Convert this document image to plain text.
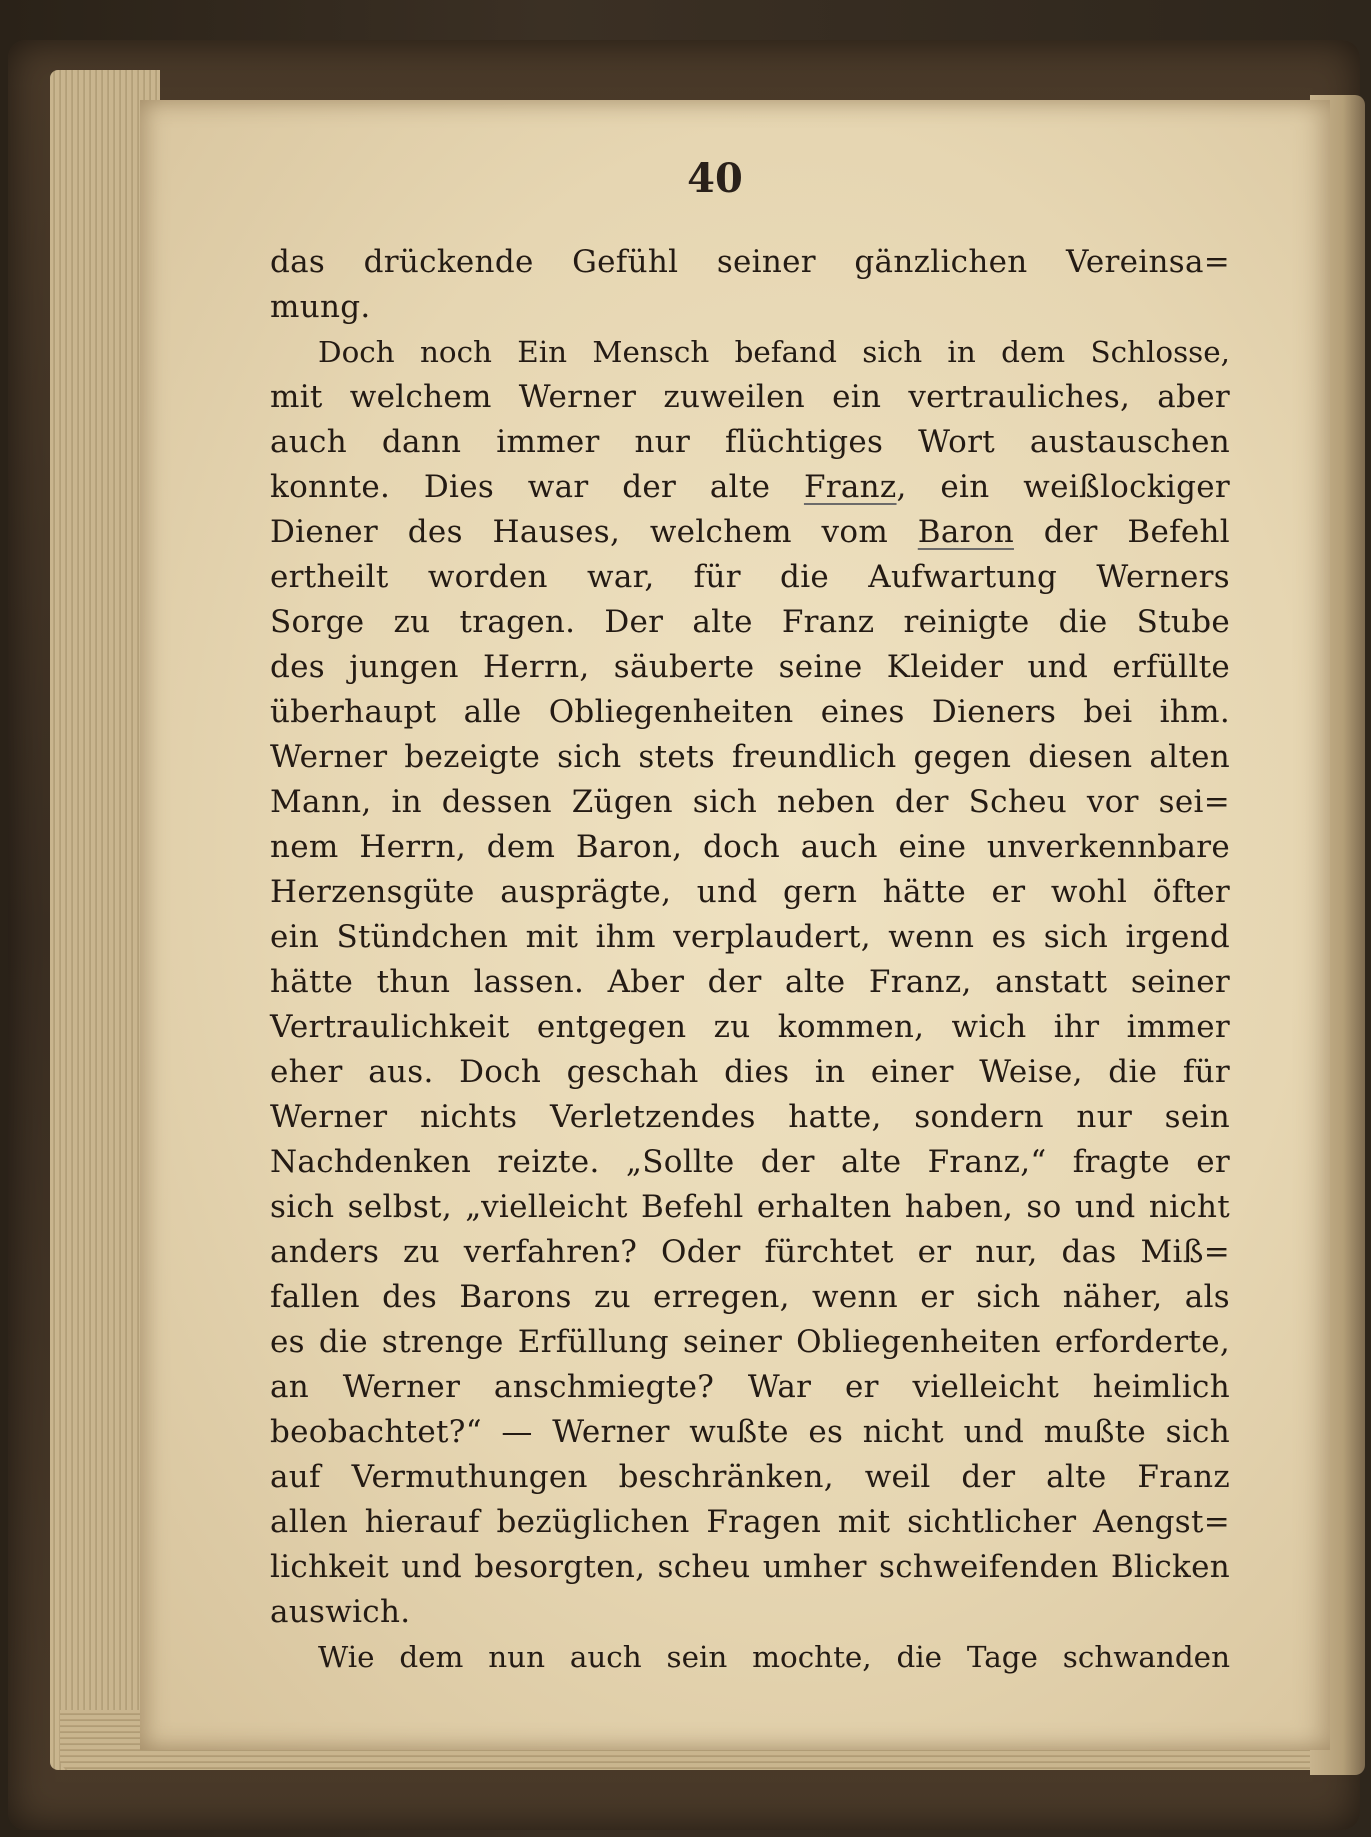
40
das drückende Gefühl seiner gänzlichen Vereinsa=
mung.
Doch noch Ein Mensch befand sich in dem Schlosse,
mit welchem Werner zuweilen ein vertrauliches, aber
auch dann immer nur flüchtiges Wort austauschen
konnte. Dies war der alte Franz, ein weißlockiger
Diener des Hauses, welchem vom Baron der Befehl
ertheilt worden war, für die Aufwartung Werners
Sorge zu tragen. Der alte Franz reinigte die Stube
des jungen Herrn, säuberte seine Kleider und erfüllte
überhaupt alle Obliegenheiten eines Dieners bei ihm.
Werner bezeigte sich stets freundlich gegen diesen alten
Mann, in dessen Zügen sich neben der Scheu vor sei=
nem Herrn, dem Baron, doch auch eine unverkennbare
Herzensgüte ausprägte, und gern hätte er wohl öfter
ein Stündchen mit ihm verplaudert, wenn es sich irgend
hätte thun lassen. Aber der alte Franz, anstatt seiner
Vertraulichkeit entgegen zu kommen, wich ihr immer
eher aus. Doch geschah dies in einer Weise, die für
Werner nichts Verletzendes hatte, sondern nur sein
Nachdenken reizte. „Sollte der alte Franz,“ fragte er
sich selbst, „vielleicht Befehl erhalten haben, so und nicht
anders zu verfahren? Oder fürchtet er nur, das Miß=
fallen des Barons zu erregen, wenn er sich näher, als
es die strenge Erfüllung seiner Obliegenheiten erforderte,
an Werner anschmiegte? War er vielleicht heimlich
beobachtet?“ — Werner wußte es nicht und mußte sich
auf Vermuthungen beschränken, weil der alte Franz
allen hierauf bezüglichen Fragen mit sichtlicher Aengst=
lichkeit und besorgten, scheu umher schweifenden Blicken
auswich.
Wie dem nun auch sein mochte, die Tage schwanden
